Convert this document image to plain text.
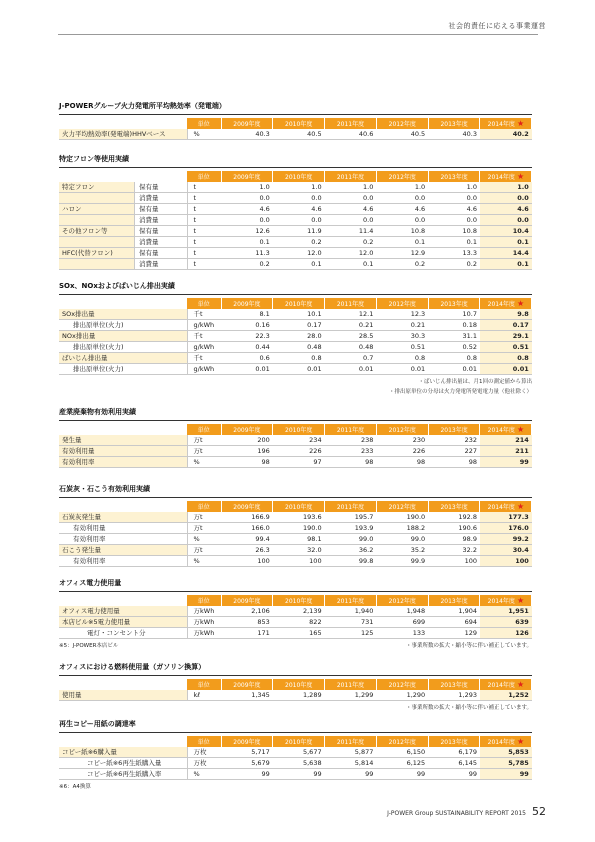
社会的責任に応える事業運営
J-POWERグループ火力発電所平均熱効率（発電端）
	単位	2009年度	2010年度	2011年度	2012年度	2013年度	2014年度 ★
火力平均熱効率(発電端)HHVベース	%	40.3	40.5	40.6	40.5	40.3	40.2
特定フロン等使用実績
	単位	2009年度	2010年度	2011年度	2012年度	2013年度	2014年度 ★

特定フロン 保有量	t	1.0	1.0	1.0	1.0	1.0	1.0

消費量	t	0.0	0.0	0.0	0.0	0.0	0.0

ハロン 保有量	t	4.6	4.6	4.6	4.6	4.6	4.6

消費量	t	0.0	0.0	0.0	0.0	0.0	0.0

その他フロン等 保有量	t	12.6	11.9	11.4	10.8	10.8	10.4

消費量	t	0.1	0.2	0.2	0.1	0.1	0.1

HFC(代替フロン) 保有量	t	11.3	12.0	12.0	12.9	13.3	14.4

消費量	t	0.2	0.1	0.1	0.2	0.2	0.1
SOx、NOxおよびばいじん排出実績
	単位	2009年度	2010年度	2011年度	2012年度	2013年度	2014年度 ★
SOx排出量	千t	8.1	10.1	12.1	12.3	10.7	9.8
排出原単位(火力)	g/kWh	0.16	0.17	0.21	0.21	0.18	0.17
NOx排出量	千t	22.3	28.0	28.5	30.3	31.1	29.1
排出原単位(火力)	g/kWh	0.44	0.48	0.48	0.51	0.52	0.51
ばいじん排出量	千t	0.6	0.8	0.7	0.8	0.8	0.8
排出原単位(火力)	g/kWh	0.01	0.01	0.01	0.01	0.01	0.01
・ばいじん排出量は、月1回の測定値から算出
・排出原単位の分母は火力発電所発電電力量（他社除く）
産業廃棄物有効利用実績
	単位	2009年度	2010年度	2011年度	2012年度	2013年度	2014年度 ★
発生量	万t	200	234	238	230	232	214
有効利用量	万t	196	226	233	226	227	211
有効利用率	%	98	97	98	98	98	99
石炭灰・石こう有効利用実績
	単位	2009年度	2010年度	2011年度	2012年度	2013年度	2014年度 ★
石炭灰発生量	万t	166.9	193.6	195.7	190.0	192.8	177.3
有効利用量	万t	166.0	190.0	193.9	188.2	190.6	176.0
有効利用率	%	99.4	98.1	99.0	99.0	98.9	99.2
石こう発生量	万t	26.3	32.0	36.2	35.2	32.2	30.4
有効利用率	%	100	100	99.8	99.9	100	100
オフィス電力使用量
	単位	2009年度	2010年度	2011年度	2012年度	2013年度	2014年度 ★
オフィス電力使用量	万kWh	2,106	2,139	1,940	1,948	1,904	1,951
本店ビル※5電力使用量	万kWh	853	822	731	699	694	639
電灯・コンセント分	万kWh	171	165	125	133	129	126
※5：J-POWER本店ビル	・事業所数の拡大・縮小等に伴い補正しています。
オフィスにおける燃料使用量（ガソリン換算）
	単位	2009年度	2010年度	2011年度	2012年度	2013年度	2014年度 ★
使用量	kℓ	1,345	1,289	1,299	1,290	1,293	1,252
・事業所数の拡大・縮小等に伴い補正しています。
再生コピー用紙の調達率
	単位	2009年度	2010年度	2011年度	2012年度	2013年度	2014年度 ★
コピー紙※6購入量	万枚	5,717	5,677	5,877	6,150	6,179	5,853
コピー紙※6再生紙購入量	万枚	5,679	5,638	5,814	6,125	6,145	5,785
コピー紙※6再生紙購入率	%	99	99	99	99	99	99
※6：A4換算
J-POWER Group SUSTAINABILITY REPORT 2015 52
